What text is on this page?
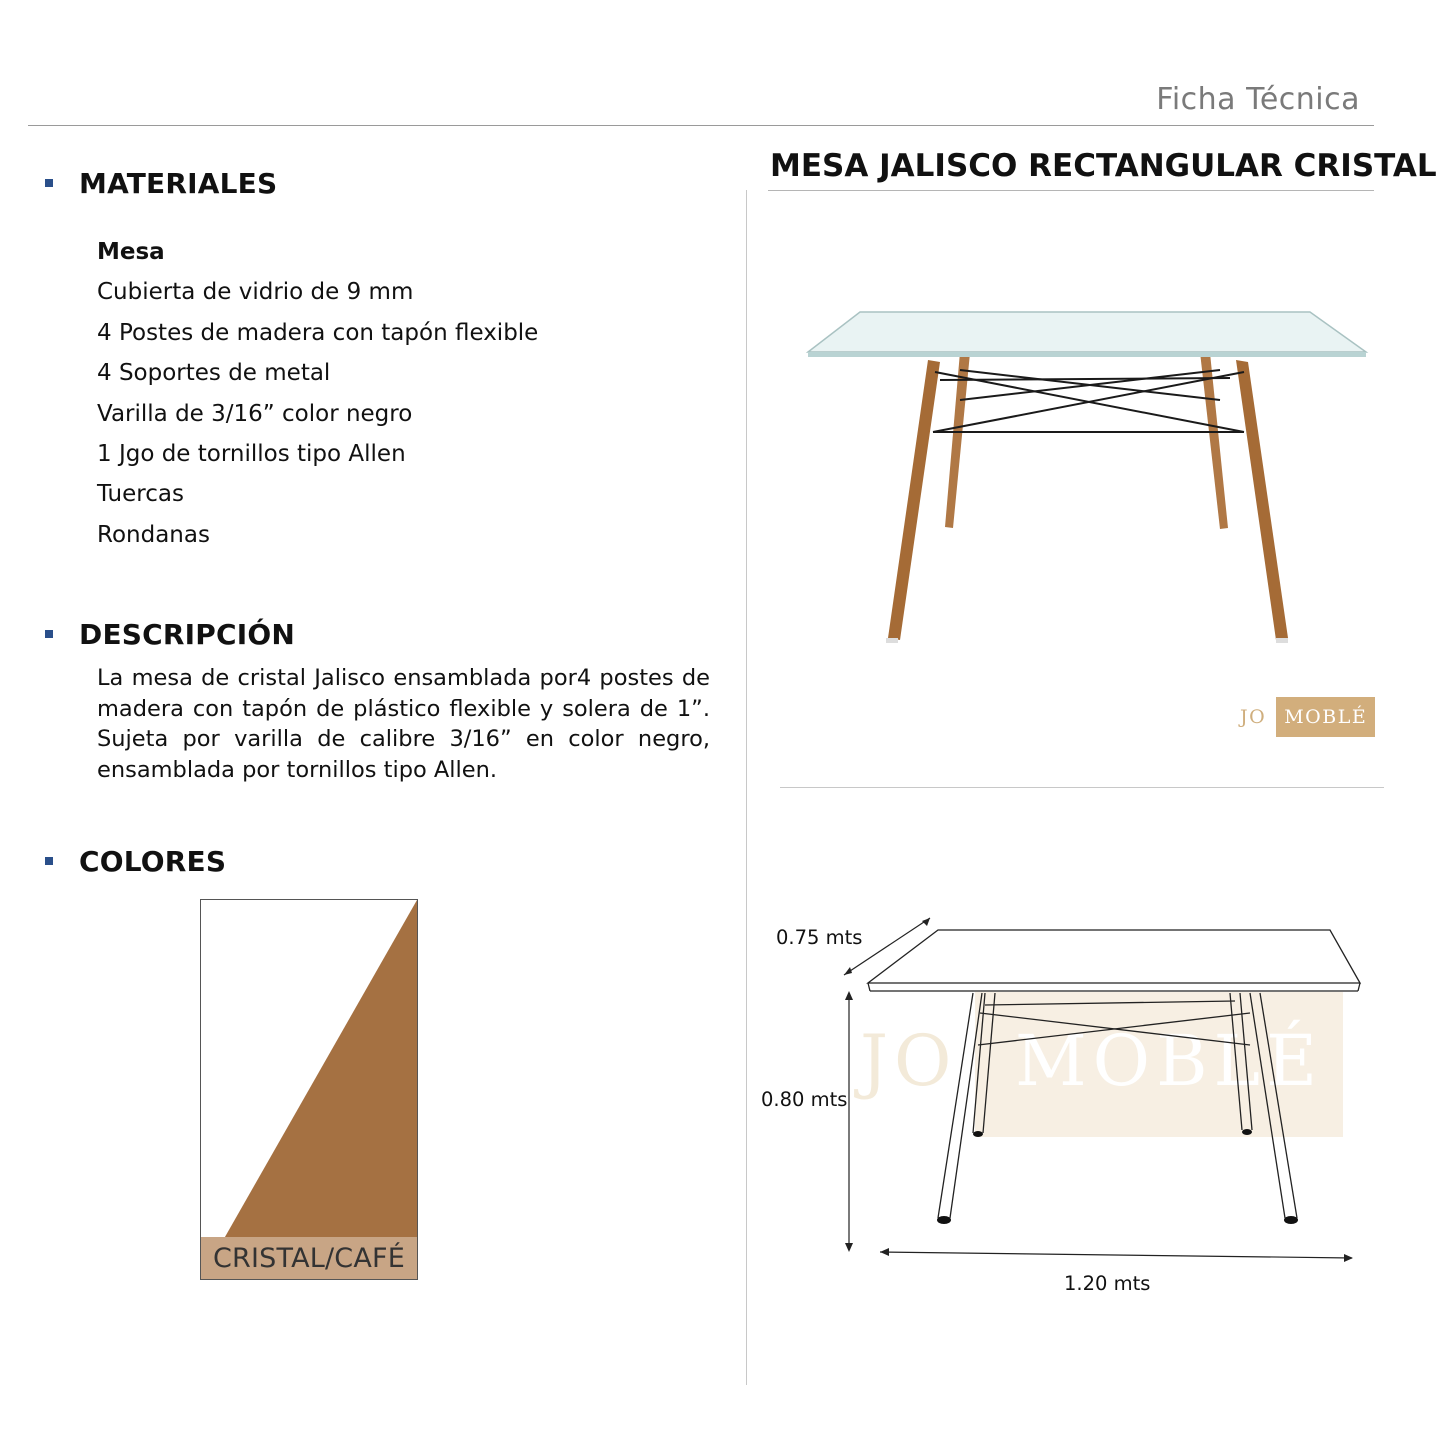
Ficha Técnica
MATERIALES
Mesa
Cubierta de vidrio de 9 mm
4 Postes de madera con tapón flexible
4 Soportes de metal
Varilla de 3/16” color negro
1 Jgo de tornillos tipo Allen
Tuercas
Rondanas
DESCRIPCIÓN
La mesa de cristal Jalisco ensamblada por4 postes de madera con tapón de plástico flexible y solera de 1”. Sujeta por varilla de calibre 3/16” en color negro, ensamblada por tornillos tipo Allen.
COLORES
CRISTAL/CAFÉ
MESA JALISCO RECTANGULAR CRISTAL
JO MOBLÉ
JO MOBLÉ
0.75 mts
0.80 mts
1.20 mts
